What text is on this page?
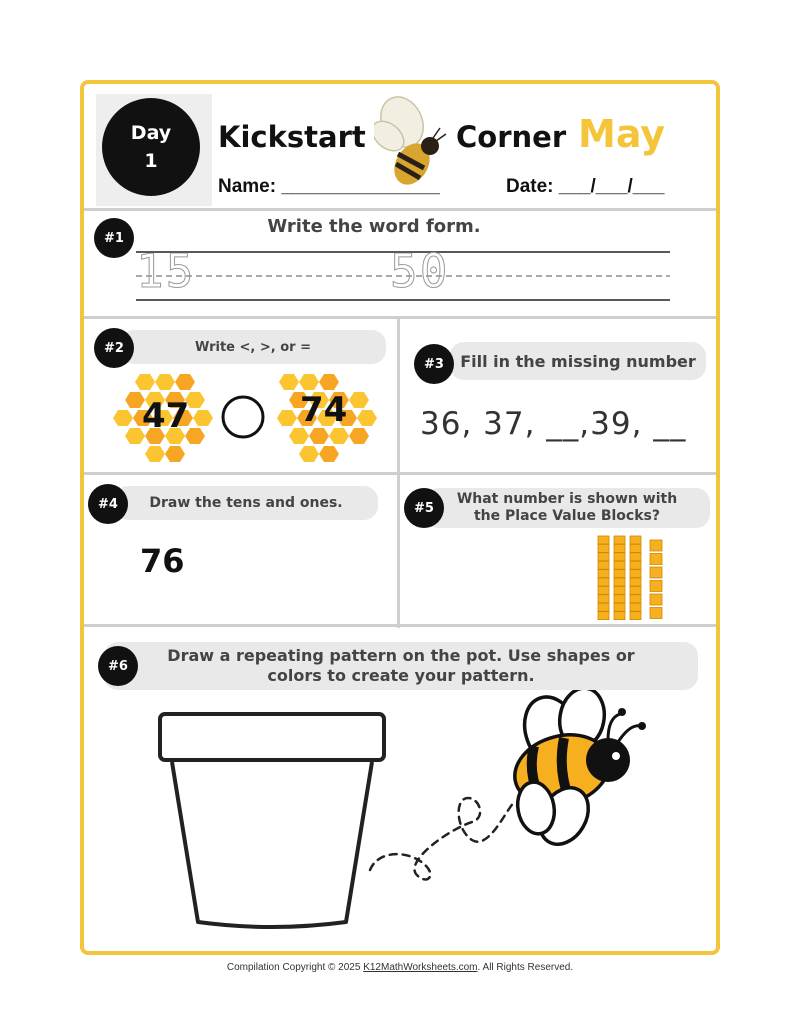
Day
1
Kickstart	Corner May
Name: _______________	Date: ___/___/___
#1
Write the word form.
15	50
Write <, >, or =
#2
47	74
Fill in the missing number
#3
36, 37, __,39, __
Draw the tens and ones.
#4
76
What number is shown with
the Place Value Blocks?
#5
Draw a repeating pattern on the pot. Use shapes or
colors to create your pattern.
#6
Compilation Copyright © 2025 K12MathWorksheets.com. All Rights Reserved.
